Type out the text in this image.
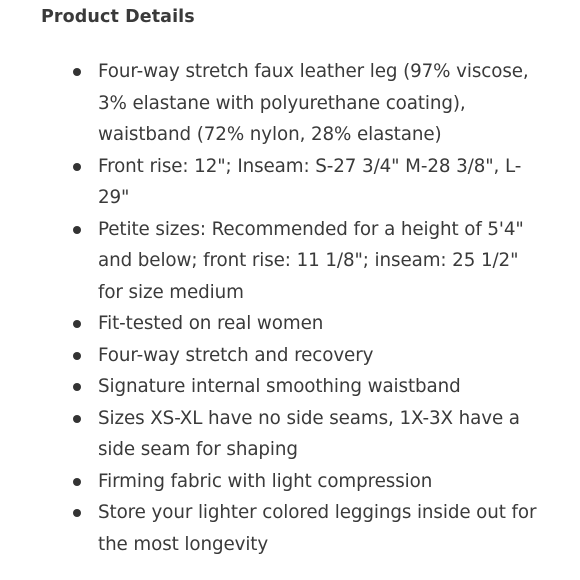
Product Details
Four-way stretch faux leather leg (97% viscose, 3% elastane with polyurethane coating), waistband (72% nylon, 28% elastane)
Front rise: 12"; Inseam: S-27 3/4" M-28 3/8", L-29"
Petite sizes: Recommended for a height of 5'4" and below; front rise: 11 1/8"; inseam: 25 1/2" for size medium
Fit-tested on real women
Four-way stretch and recovery
Signature internal smoothing waistband
Sizes XS-XL have no side seams, 1X-3X have a side seam for shaping
Firming fabric with light compression
Store your lighter colored leggings inside out for the most longevity
